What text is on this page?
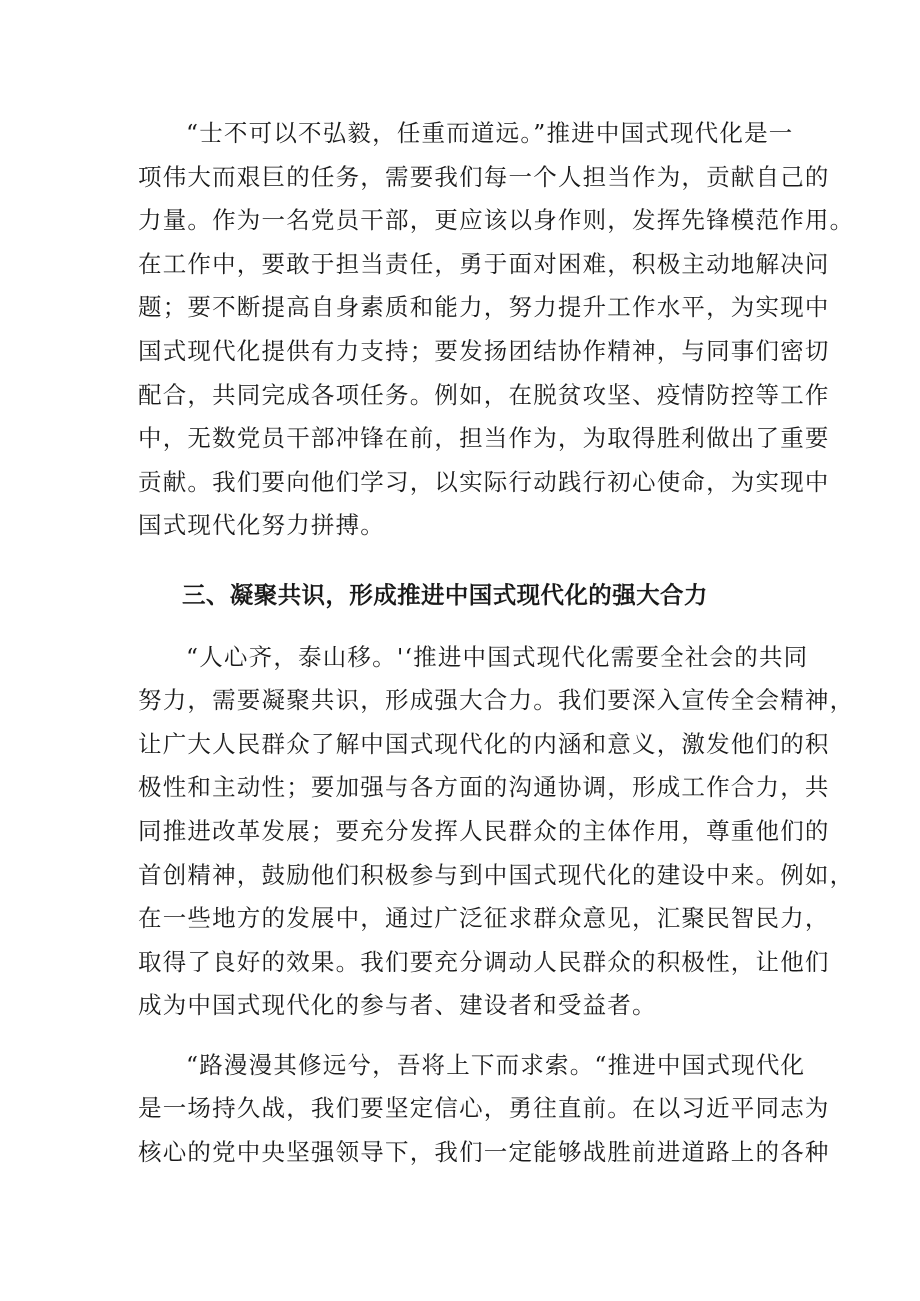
“士不可以不弘毅，任重而道远。”推进中国式现代化是一
项伟大而艰巨的任务，需要我们每一个人担当作为，贡献自己的
力量。作为一名党员干部，更应该以身作则，发挥先锋模范作用。
在工作中，要敢于担当责任，勇于面对困难，积极主动地解决问
题；要不断提高自身素质和能力，努力提升工作水平，为实现中
国式现代化提供有力支持；要发扬团结协作精神，与同事们密切
配合，共同完成各项任务。例如，在脱贫攻坚、疫情防控等工作
中，无数党员干部冲锋在前，担当作为，为取得胜利做出了重要
贡献。我们要向他们学习，以实际行动践行初心使命，为实现中
国式现代化努力拼搏。

三、凝聚共识，形成推进中国式现代化的强大合力

“人心齐，泰山移。'‘推进中国式现代化需要全社会的共同
努力，需要凝聚共识，形成强大合力。我们要深入宣传全会精神，
让广大人民群众了解中国式现代化的内涵和意义，激发他们的积
极性和主动性；要加强与各方面的沟通协调，形成工作合力，共
同推进改革发展；要充分发挥人民群众的主体作用，尊重他们的
首创精神，鼓励他们积极参与到中国式现代化的建设中来。例如，
在一些地方的发展中，通过广泛征求群众意见，汇聚民智民力，
取得了良好的效果。我们要充分调动人民群众的积极性，让他们
成为中国式现代化的参与者、建设者和受益者。

“路漫漫其修远兮，吾将上下而求索。“推进中国式现代化
是一场持久战，我们要坚定信心，勇往直前。在以习近平同志为
核心的党中央坚强领导下，我们一定能够战胜前进道路上的各种
